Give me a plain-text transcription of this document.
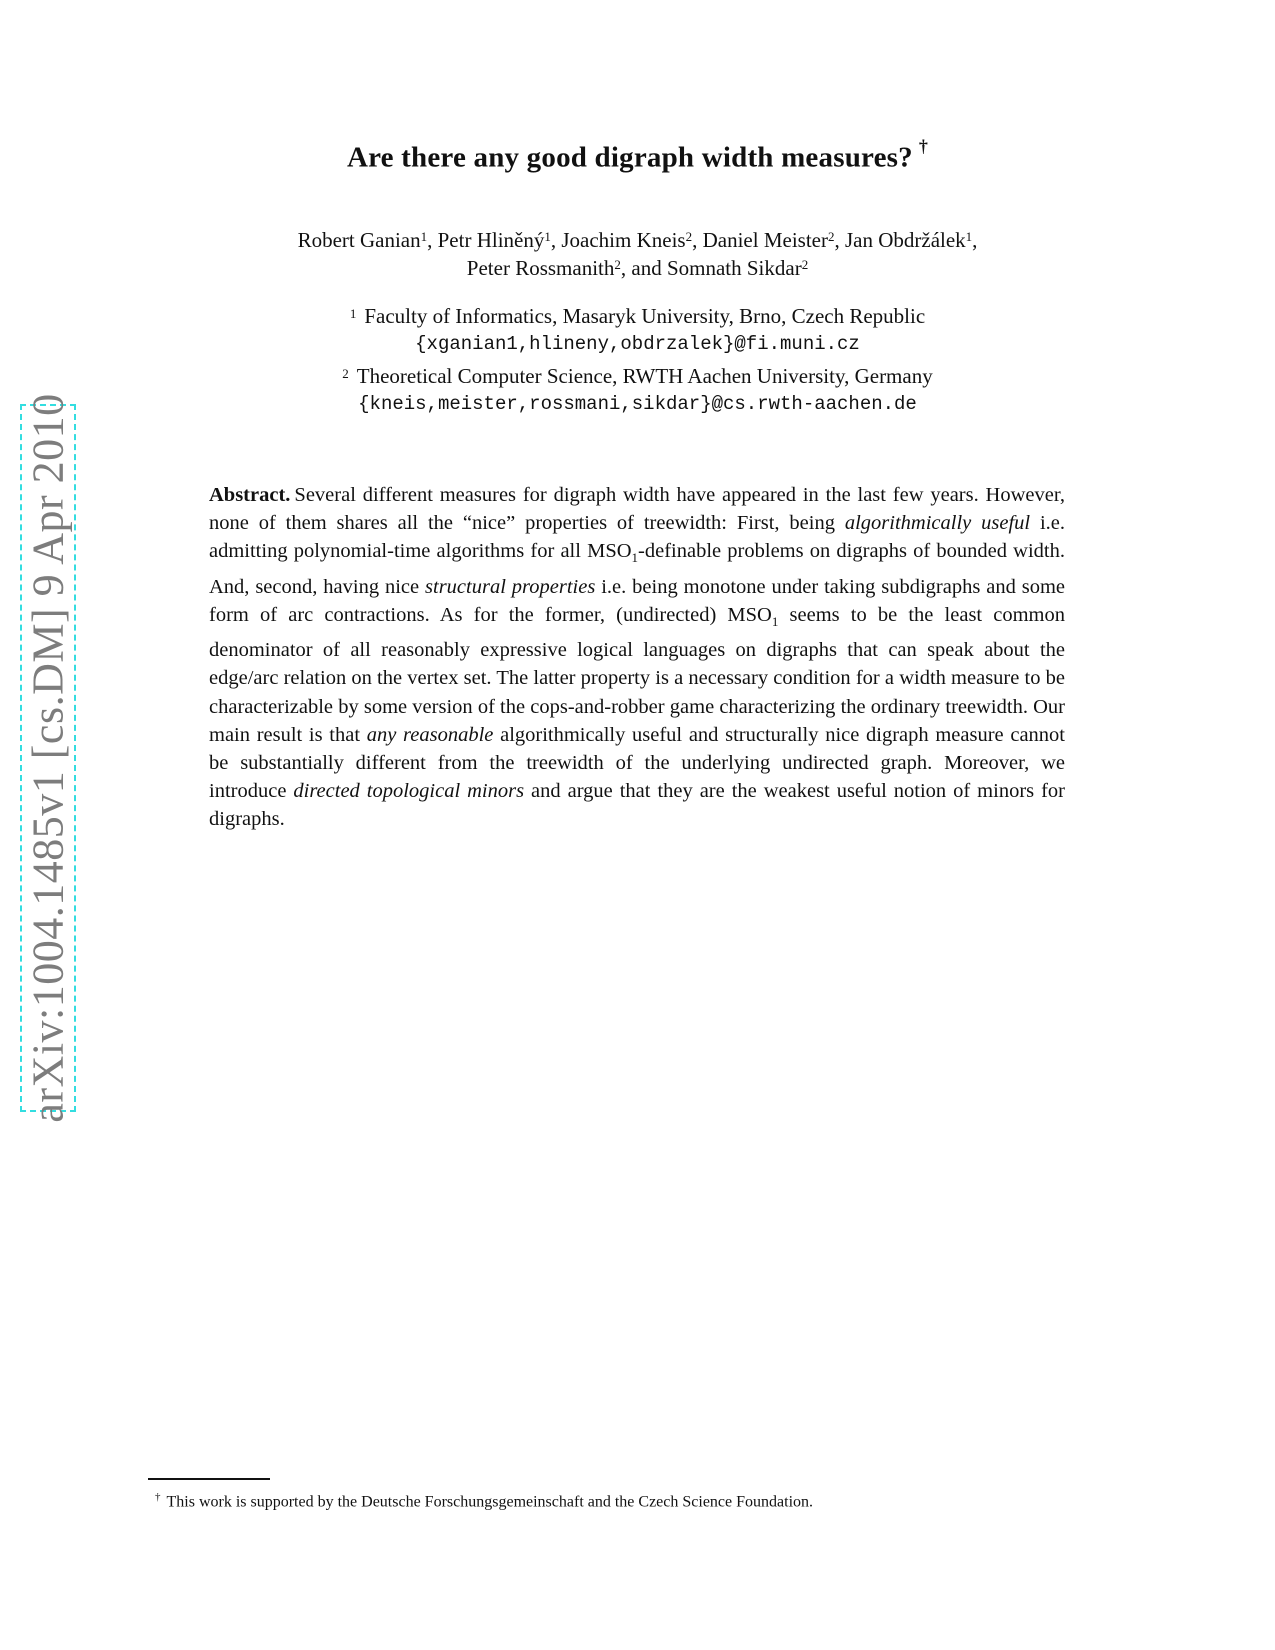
arXiv:1004.1485v1 [cs.DM] 9 Apr 2010
Are there any good digraph width measures? †
Robert Ganian$^1$, Petr Hliněný$^1$, Joachim Kneis$^2$, Daniel Meister$^2$, Jan Obdržálek$^1$,
Peter Rossmanith$^2$, and Somnath Sikdar$^2$
$^1$ Faculty of Informatics, Masaryk University, Brno, Czech Republic
{xganian1,hlineny,obdrzalek}@fi.muni.cz
$^2$ Theoretical Computer Science, RWTH Aachen University, Germany
{kneis,meister,rossmani,sikdar}@cs.rwth-aachen.de

Abstract. Several different measures for digraph width have appeared in the last few years. However, none of them shares all the “nice” properties of treewidth: First, being algorithmically useful i.e. admitting polynomial-time algorithms for all $MSO_1$-definable problems on digraphs of bounded width. And, second, having nice structural properties i.e. being monotone under taking subdigraphs and some form of arc contractions. As for the former, (undirected) $MSO_1$ seems to be the least common denominator of all reasonably expressive logical languages on digraphs that can speak about the edge/arc relation on the vertex set. The latter property is a necessary condition for a width measure to be characterizable by some version of the cops-and-robber game characterizing the ordinary treewidth. Our main result is that any reasonable algorithmically useful and structurally nice digraph measure cannot be substantially different from the treewidth of the underlying undirected graph. Moreover, we introduce directed topological minors and argue that they are the weakest useful notion of minors for digraphs.

† This work is supported by the Deutsche Forschungsgemeinschaft and the Czech Science Foundation.
